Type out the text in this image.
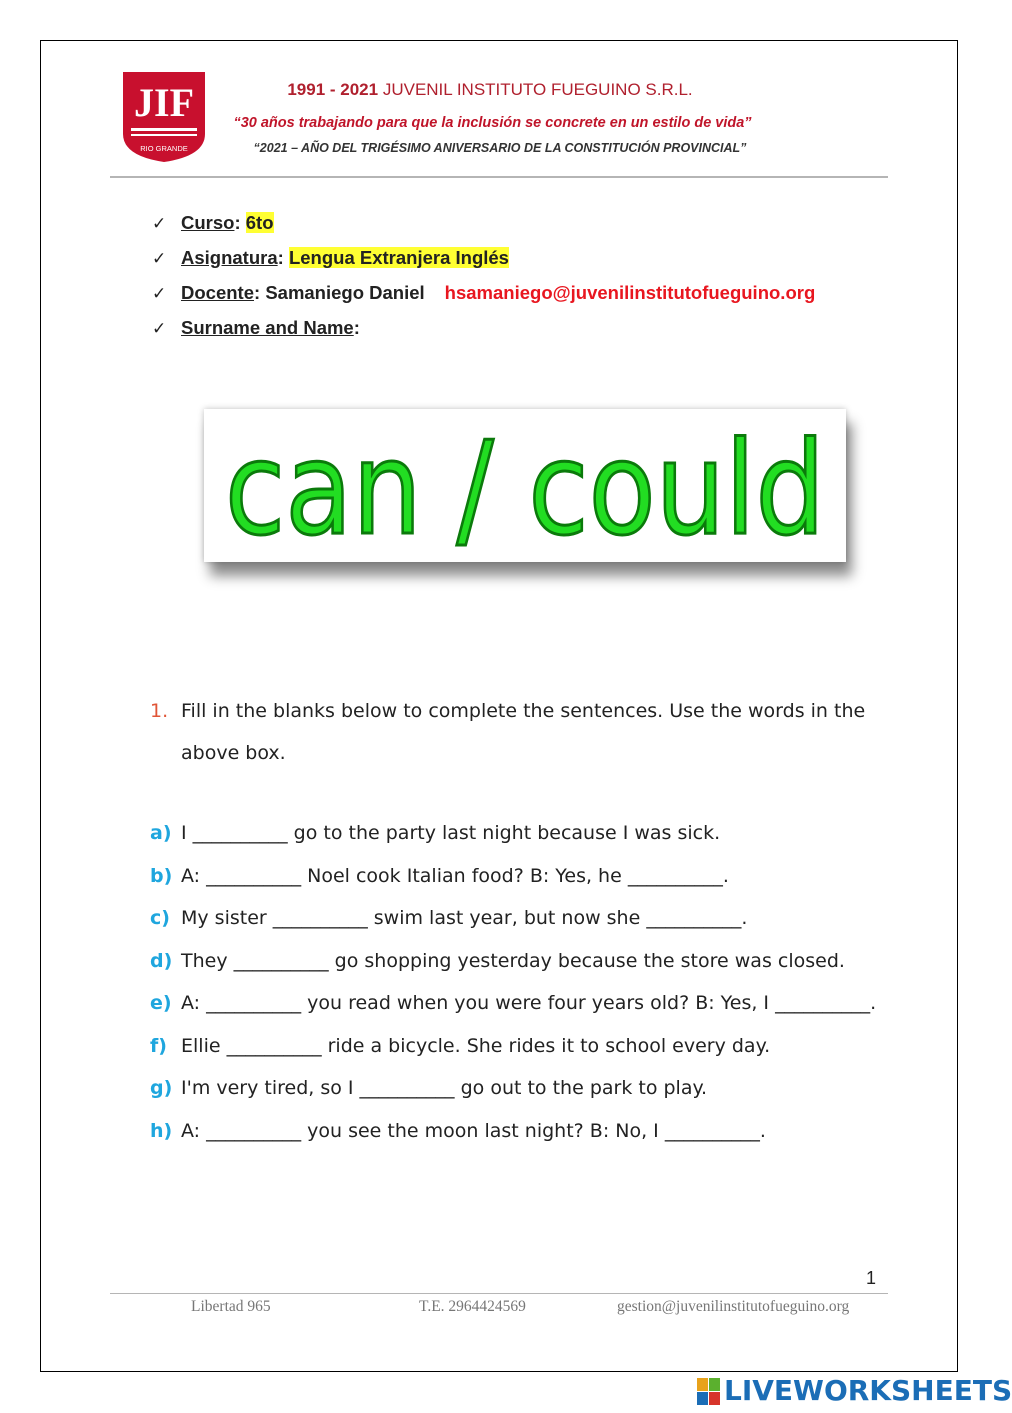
JIF
RIO GRANDE
1991 - 2021 JUVENIL INSTITUTO FUEGUINO S.R.L.
“30 años trabajando para que la inclusión se concrete en un estilo de vida”
“2021 – AÑO DEL TRIGÉSIMO ANIVERSARIO DE LA CONSTITUCIÓN PROVINCIAL”
✓ Curso: 6to
✓ Asignatura: Lengua Extranjera Inglés
✓ Docente: Samaniego Daniel hsamaniego@juvenilinstitutofueguino.org
✓ Surname and Name:
can / could
1. Fill in the blanks below to complete the sentences. Use the words in the above box.
a) I __________ go to the party last night because I was sick.
b) A: __________ Noel cook Italian food? B: Yes, he __________.
c) My sister __________ swim last year, but now she __________.
d) They __________ go shopping yesterday because the store was closed.
e) A: __________ you read when you were four years old? B: Yes, I __________.
f) Ellie __________ ride a bicycle. She rides it to school every day.
g) I'm very tired, so I __________ go out to the park to play.
h) A: __________ you see the moon last night? B: No, I __________.
1
Libertad 965	T.E. 2964424569	gestion@juvenilinstitutofueguino.org
LIVEWORKSHEETS
